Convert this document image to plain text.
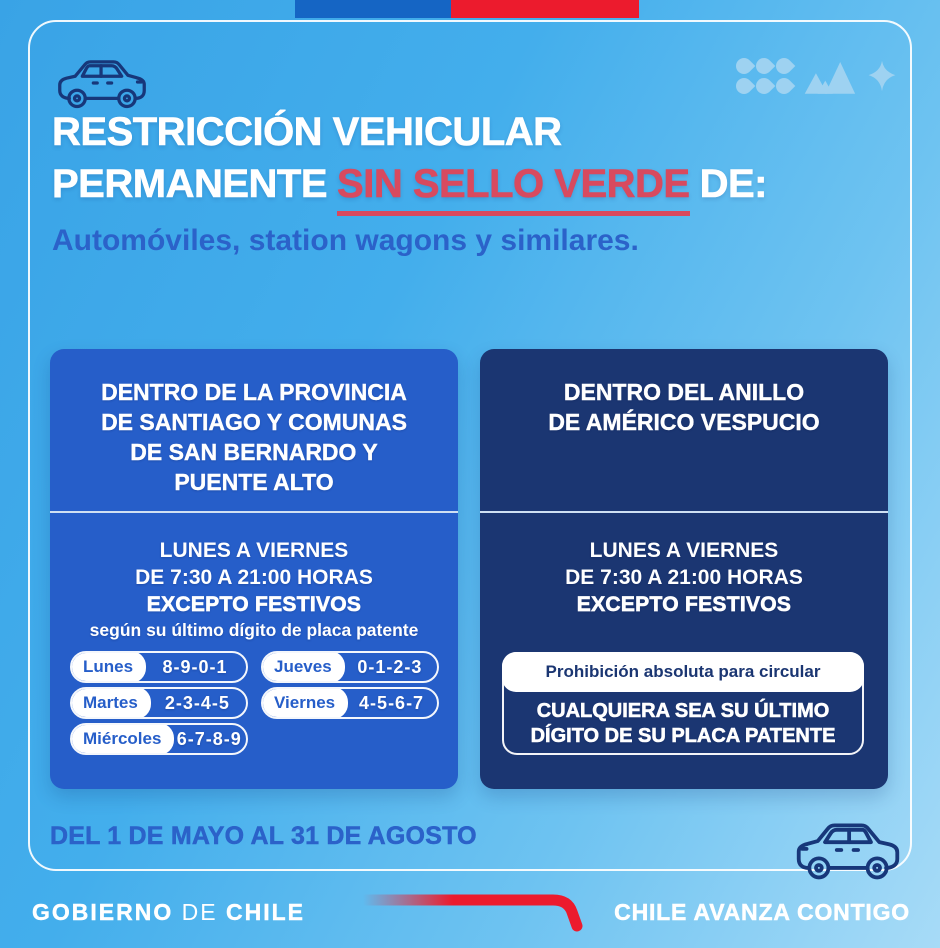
RESTRICCIÓN VEHICULAR
PERMANENTE SIN SELLO VERDE DE:
Automóviles, station wagons y similares.
DENTRO DE LA PROVINCIA
DE SANTIAGO Y COMUNAS
DE SAN BERNARDO Y
PUENTE ALTO
LUNES A VIERNES
DE 7:30 A 21:00 HORAS
EXCEPTO FESTIVOS
según su último dígito de placa patente
Lunes	8-9-0-1
Martes	2-3-4-5
Miércoles 6-7-8-9
Jueves	0-1-2-3
Viernes	4-5-6-7
DENTRO DEL ANILLO
DE AMÉRICO VESPUCIO
LUNES A VIERNES
DE 7:30 A 21:00 HORAS
EXCEPTO FESTIVOS
Prohibición absoluta para circular
CUALQUIERA SEA SU ÚLTIMO
DÍGITO DE SU PLACA PATENTE
DEL 1 DE MAYO AL 31 DE AGOSTO
GOBIERNO DE CHILE	CHILE AVANZA CONTIGO
